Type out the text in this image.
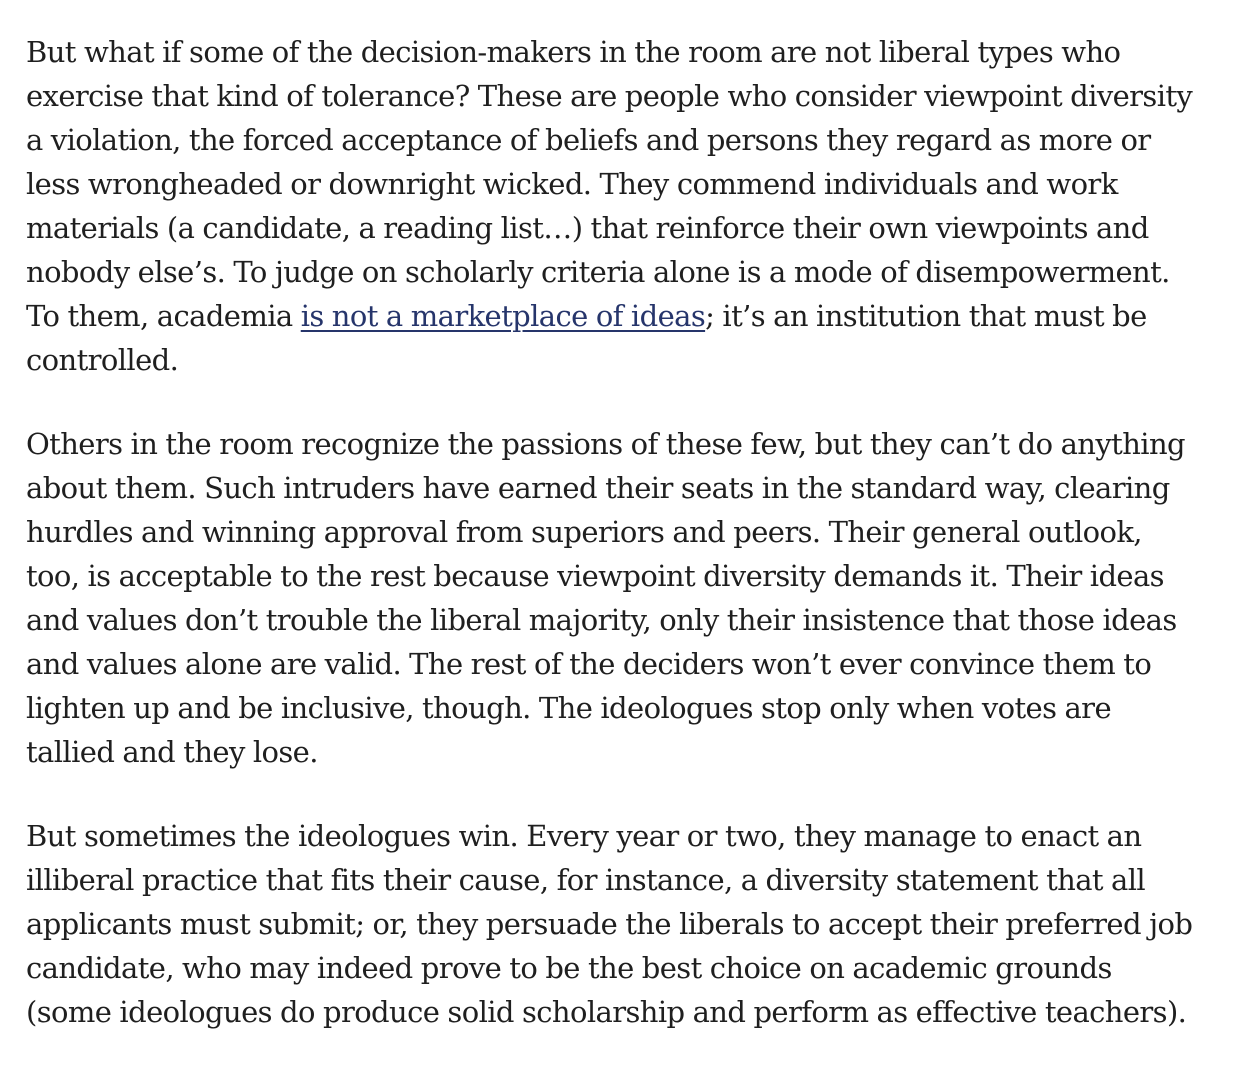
But what if some of the decision-makers in the room are not liberal types who
exercise that kind of tolerance? These are people who consider viewpoint diversity
a violation, the forced acceptance of beliefs and persons they regard as more or
less wrongheaded or downright wicked. They commend individuals and work
materials (a candidate, a reading list…) that reinforce their own viewpoints and
nobody else’s. To judge on scholarly criteria alone is a mode of disempowerment.
To them, academia is not a marketplace of ideas; it’s an institution that must be
controlled.

Others in the room recognize the passions of these few, but they can’t do anything
about them. Such intruders have earned their seats in the standard way, clearing
hurdles and winning approval from superiors and peers. Their general outlook,
too, is acceptable to the rest because viewpoint diversity demands it. Their ideas
and values don’t trouble the liberal majority, only their insistence that those ideas
and values alone are valid. The rest of the deciders won’t ever convince them to
lighten up and be inclusive, though. The ideologues stop only when votes are
tallied and they lose.

But sometimes the ideologues win. Every year or two, they manage to enact an
illiberal practice that fits their cause, for instance, a diversity statement that all
applicants must submit; or, they persuade the liberals to accept their preferred job
candidate, who may indeed prove to be the best choice on academic grounds
(some ideologues do produce solid scholarship and perform as effective teachers).
